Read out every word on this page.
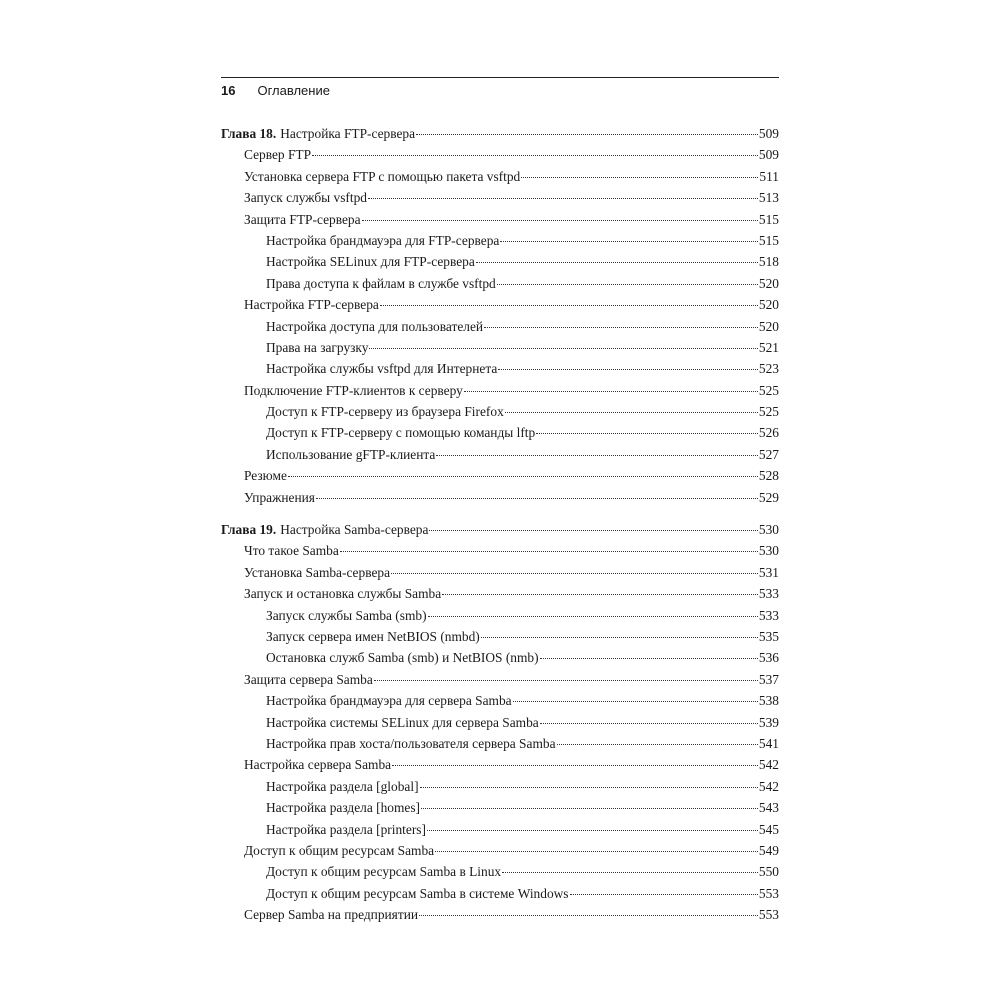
16 Оглавление
Глава 18. Настройка FTP-сервера	509
Сервер FTP	509
Установка сервера FTP с помощью пакета vsftpd	511
Запуск службы vsftpd	513
Защита FTP-сервера	515
Настройка брандмауэра для FTP-сервера	515
Настройка SELinux для FTP-сервера	518
Права доступа к файлам в службе vsftpd	520
Настройка FTP-сервера	520
Настройка доступа для пользователей	520
Права на загрузку	521
Настройка службы vsftpd для Интернета	523
Подключение FTP-клиентов к серверу	525
Доступ к FTP-серверу из браузера Firefox	525
Доступ к FTP-серверу с помощью команды lftp	526
Использование gFTP-клиента	527
Резюме	528
Упражнения	529
Глава 19. Настройка Samba-сервера	530
Что такое Samba	530
Установка Samba-сервера	531
Запуск и остановка службы Samba	533
Запуск службы Samba (smb)	533
Запуск сервера имен NetBIOS (nmbd)	535
Остановка служб Samba (smb) и NetBIOS (nmb)	536
Защита сервера Samba	537
Настройка брандмауэра для сервера Samba	538
Настройка системы SELinux для сервера Samba	539
Настройка прав хоста/пользователя сервера Samba	541
Настройка сервера Samba	542
Настройка раздела [global]	542
Настройка раздела [homes]	543
Настройка раздела [printers]	545
Доступ к общим ресурсам Samba	549
Доступ к общим ресурсам Samba в Linux	550
Доступ к общим ресурсам Samba в системе Windows	553
Сервер Samba на предприятии	553
